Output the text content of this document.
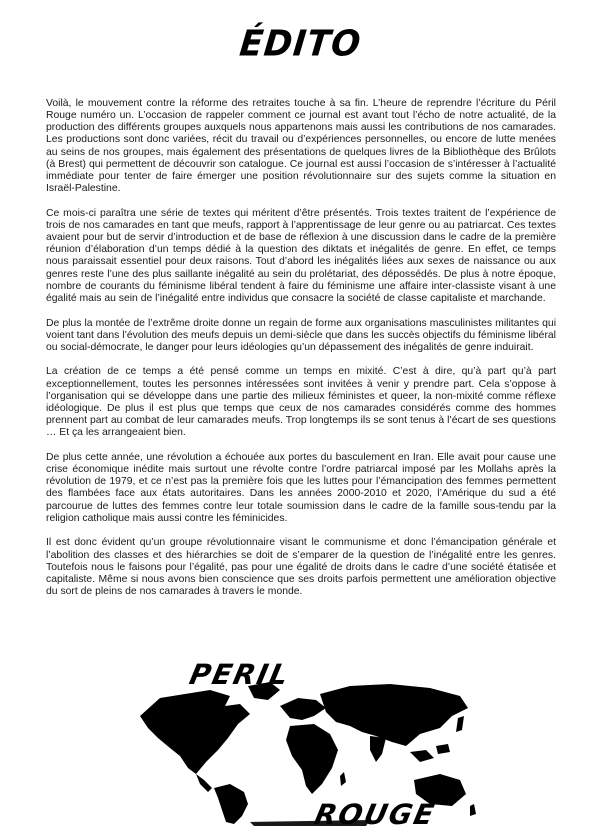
ÉDITO

Voilà, le mouvement contre la réforme des retraites touche à sa fin. L’heure de reprendre l’écriture du Péril Rouge numéro un. L’occasion de rappeler comment ce journal est avant tout l’écho de notre actualité, de la production des différents groupes auxquels nous appartenons mais aussi les contributions de nos camarades. Les productions sont donc variées, récit du travail ou d’expériences personnelles, ou encore de lutte menées au seins de nos groupes, mais également des présentations de quelques livres de la Bibliothèque des Brûlots (à Brest) qui permettent de découvrir son catalogue. Ce journal est aussi l’occasion de s’intéresser à l’actualité immédiate pour tenter de faire émerger une position révolutionnaire sur des sujets comme la situation en Israël-Palestine.

Ce mois-ci paraîtra une série de textes qui méritent d’être présentés. Trois textes traitent de l’expérience de trois de nos camarades en tant que meufs, rapport à l’apprentissage de leur genre ou au patriarcat. Ces textes avaient pour but de servir d’introduction et de base de réflexion à une discussion dans le cadre de la première réunion d’élaboration d’un temps dédié à la question des diktats et inégalités de genre. En effet, ce temps nous paraissait essentiel pour deux raisons. Tout d’abord les inégalités liées aux sexes de naissance ou aux genres reste l’une des plus saillante inégalité au sein du prolétariat, des dépossédés. De plus à notre époque, nombre de courants du féminisme libéral tendent à faire du féminisme une affaire inter-classiste visant à une égalité mais au sein de l’inégalité entre individus que consacre la société de classe capitaliste et marchande.

De plus la montée de l’extrême droite donne un regain de forme aux organisations masculinistes militantes qui voient tant dans l’évolution des meufs depuis un demi-siècle que dans les succès objectifs du féminisme libéral ou social-démocrate, le danger pour leurs idéologies qu’un dépassement des inégalités de genre induirait.

La création de ce temps a été pensé comme un temps en mixité. C’est à dire, qu’à part qu’à part exceptionnellement, toutes les personnes intéressées sont invitées à venir y prendre part. Cela s’oppose à l’organisation qui se développe dans une partie des milieux féministes et queer, la non-mixité comme réflexe idéologique. De plus il est plus que temps que ceux de nos camarades considérés comme des hommes prennent part au combat de leur camarades meufs. Trop longtemps ils se sont tenus à l’écart de ses questions … Et ça les arrangeaient bien.

De plus cette année, une révolution a échouée aux portes du basculement en Iran. Elle avait pour cause une crise économique inédite mais surtout une révolte contre l’ordre patriarcal imposé par les Mollahs après la révolution de 1979, et ce n’est pas la première fois que les luttes pour l’émancipation des femmes permettent des flambées face aux états autoritaires. Dans les années 2000-2010 et 2020, l’Amérique du sud a été parcourue de luttes des femmes contre leur totale soumission dans le cadre de la famille sous-tendu par la religion catholique mais aussi contre les féminicides.

Il est donc évident qu’un groupe révolutionnaire visant le communisme et donc l’émancipation générale et l’abolition des classes et des hiérarchies se doit de s’emparer de la question de l’inégalité entre les genres. Toutefois nous le faisons pour l’égalité, pas pour une égalité de droits dans le cadre d’une société étatisée et capitaliste. Même si nous avons bien conscience que ses droits parfois permettent une amélioration objective du sort de pleins de nos camarades à travers le monde.

PERIL
ROUGE
